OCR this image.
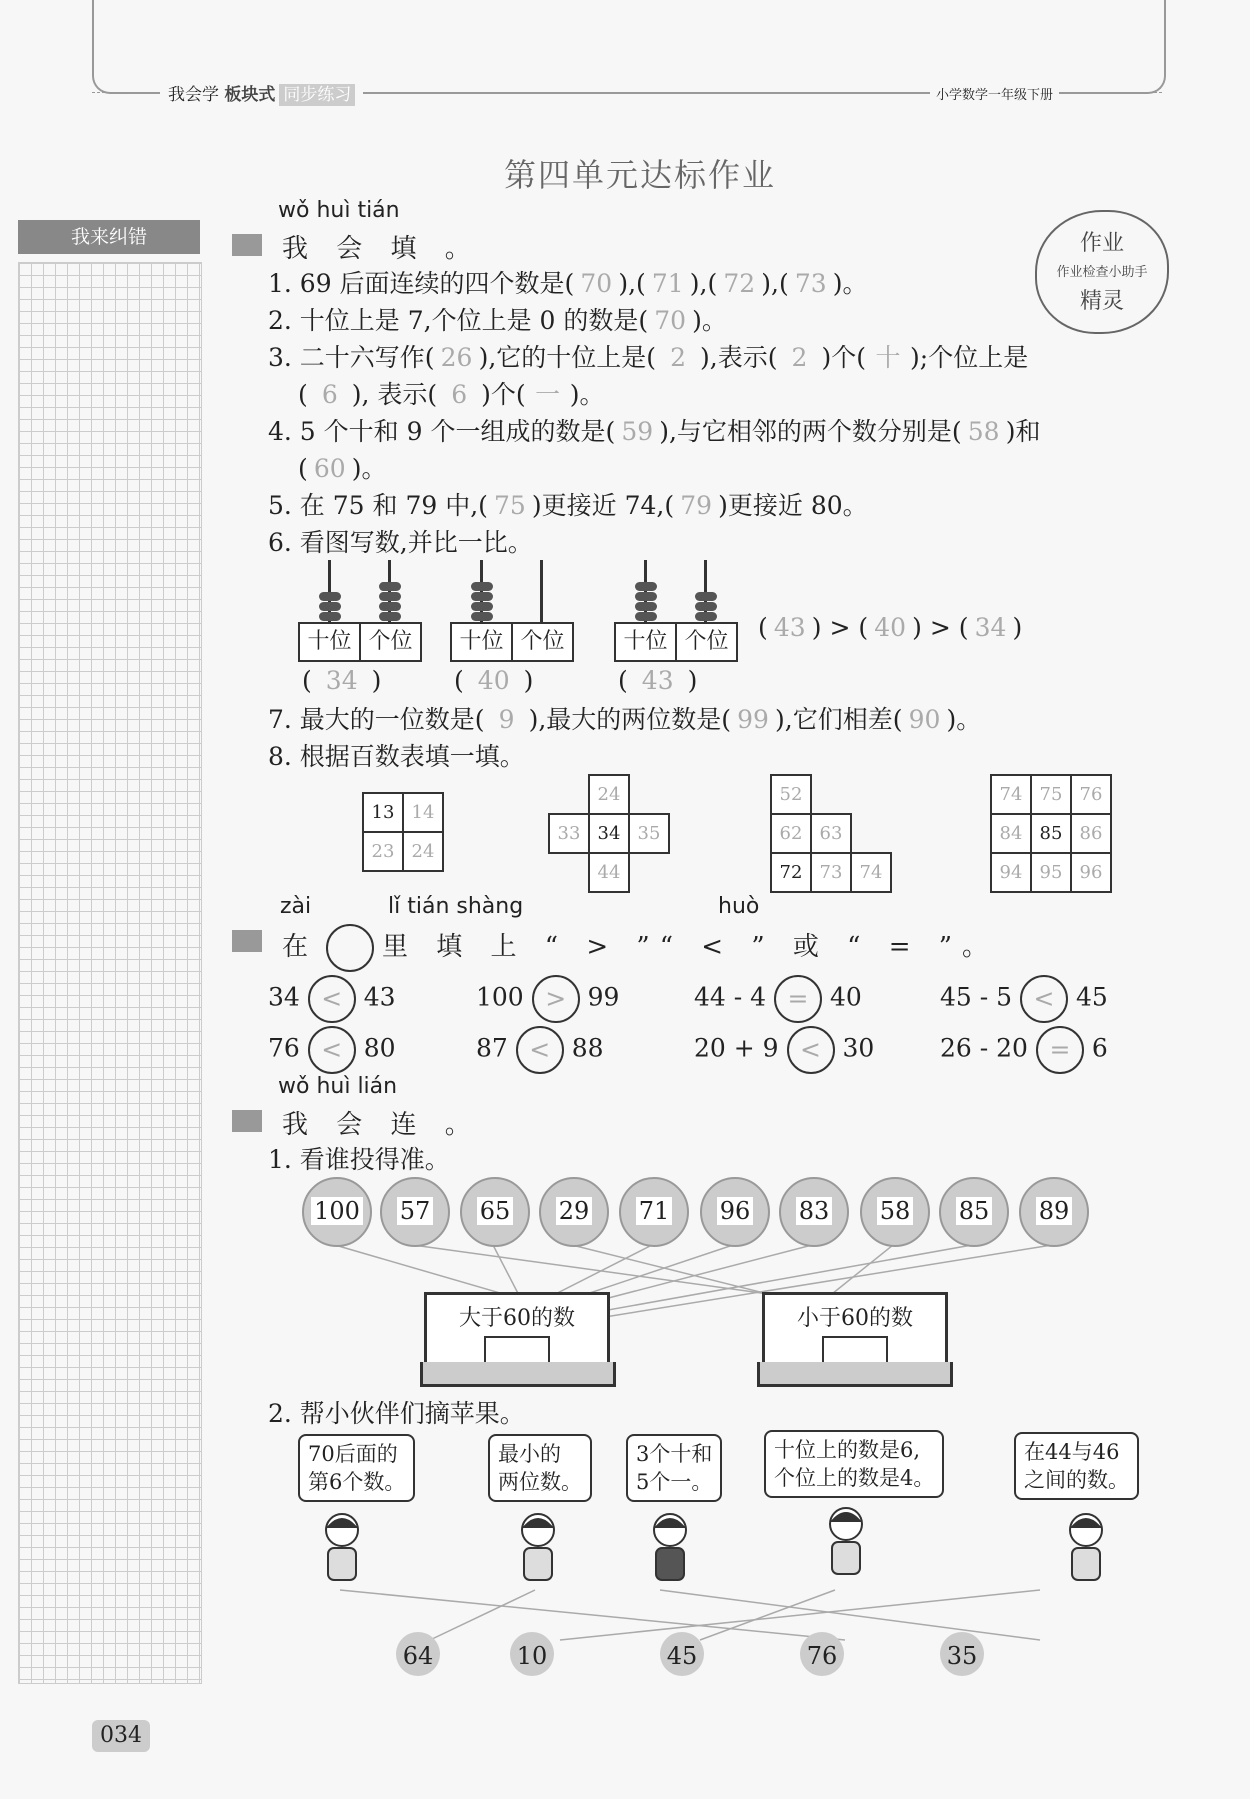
我会学 板块式 同步练习	小学数学一年级下册
第四单元达标作业
我来纠错	作业
作业检查小助手
精灵
wǒ huì tián
我 会 填 。
1. 69 后面连续的四个数是( 70 ),( 71 ),( 72 ),( 73 )。
2. 十位上是 7,个位上是 0 的数是( 70 )。
3. 二十六写作( 26 ),它的十位上是( 2 ),表示( 2 )个( 十 );个位上是
( 6 ), 表示( 6 )个( 一 )。
4. 5 个十和 9 个一组成的数是( 59 ),与它相邻的两个数分别是( 58 )和
( 60 )。
5. 在 75 和 79 中,( 75 )更接近 74,( 79 )更接近 80。
6. 看图写数,并比一比。
十位 个位
( 34 )
十位 个位
( 40 )
十位 个位
( 43 )
( 43 ) > ( 40 ) > ( 34 )
7. 最大的一位数是( 9 ),最大的两位数是( 99 ),它们相差( 90 )。
8. 根据百数表填一填。
13	14
23	24
	24	
33	34	35
	44	
52		
62	63	
72	73	74
74	75	76
84	85	86
94	95	96
zài	lǐ tián shàng	huò
在 里 填 上 “ > ”“ < ” 或 “ = ”。
34 < 43	100 > 99	44 - 4 = 40	45 - 5 < 45
76 < 80	87 < 88	20 + 9 < 30	26 - 20 = 6
wǒ huì lián
我 会 连 。
1. 看谁投得准。
100	57	65	29	71	96	83	58	85	89
大于60的数	小于60的数
2. 帮小伙伴们摘苹果。
70后面的
第6个数。
最小的
两位数。
3个十和
5个一。
十位上的数是6,
个位上的数是4。
在44与46
之间的数。
64	10	45	76	35
034
